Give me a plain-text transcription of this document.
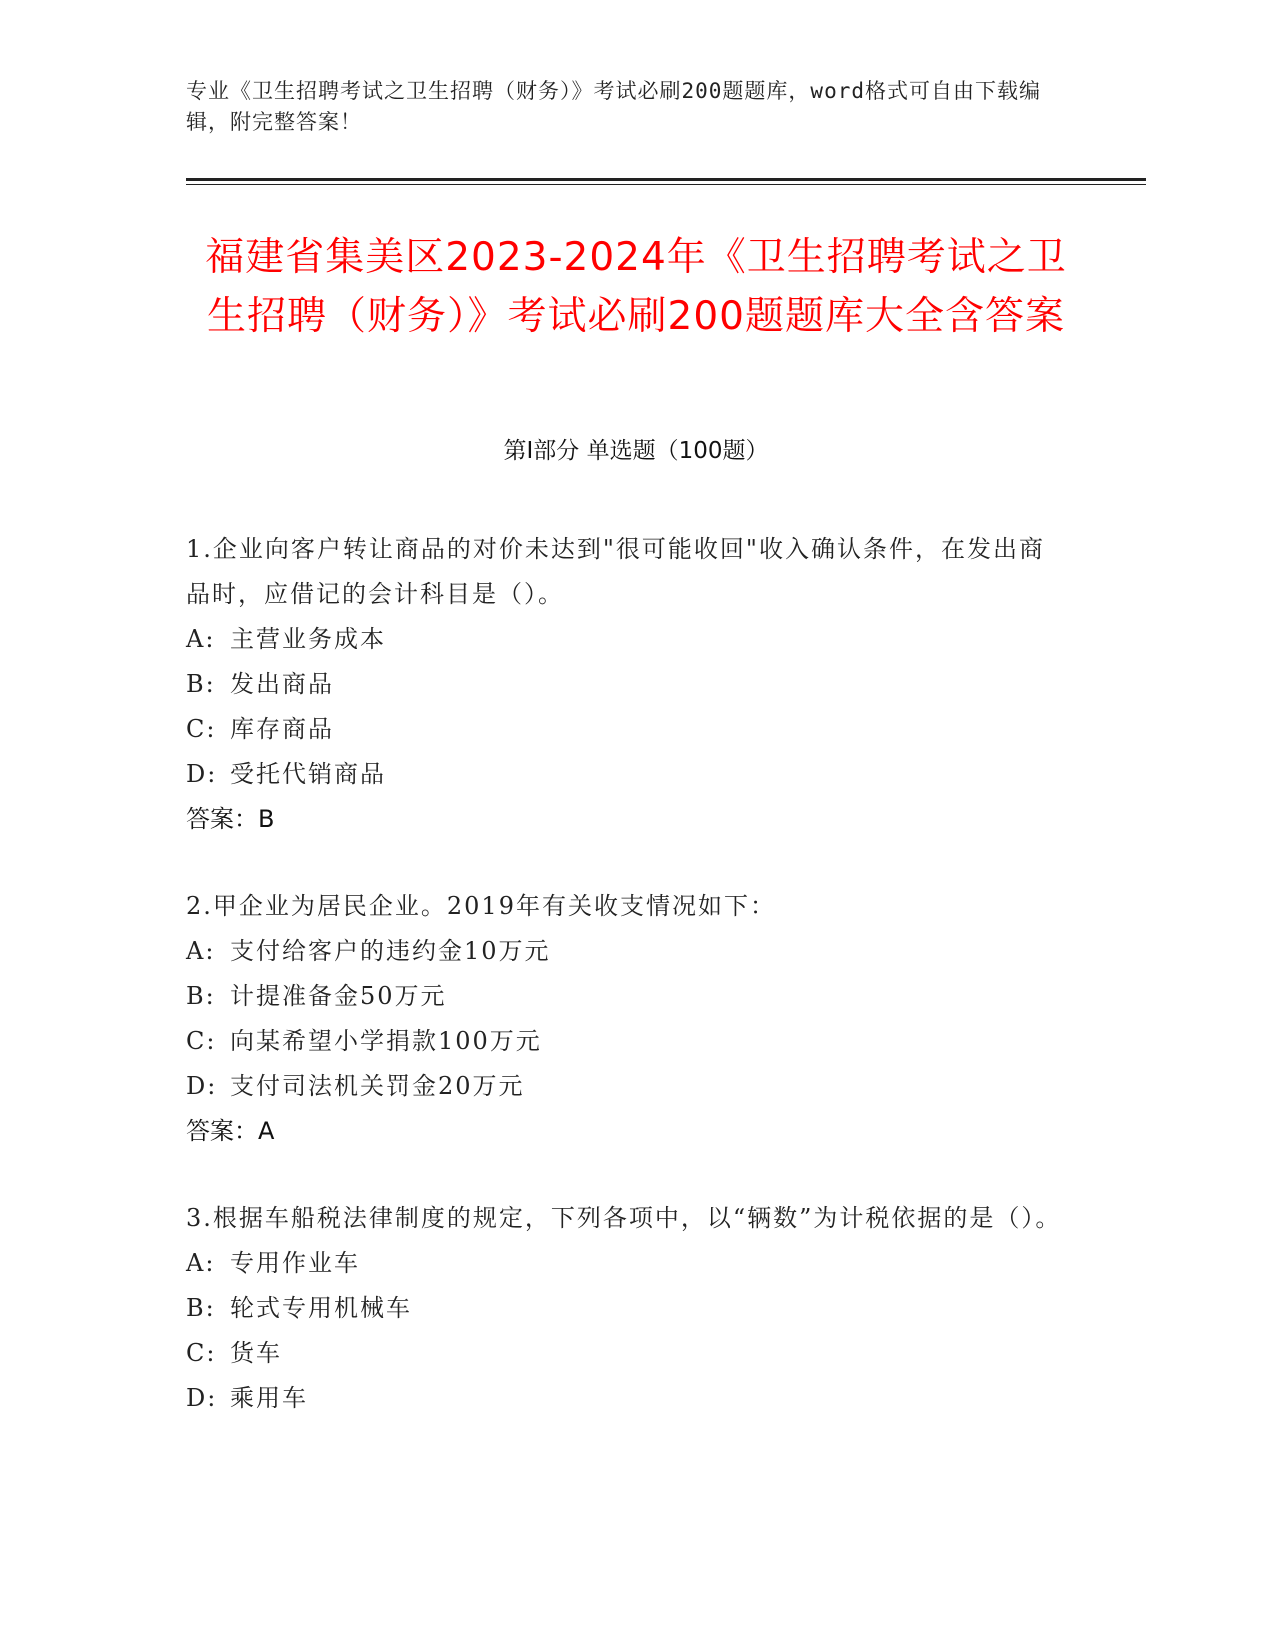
专业《卫生招聘考试之卫生招聘（财务）》考试必刷200题题库，word格式可自由下载编辑，附完整答案！
福建省集美区2023-2024年《卫生招聘考试之卫生招聘（财务）》考试必刷200题题库大全含答案
第I部分 单选题（100题）
1.企业向客户转让商品的对价未达到"很可能收回"收入确认条件，在发出商品时，应借记的会计科目是（）。
A: 主营业务成本
B: 发出商品
C: 库存商品
D: 受托代销商品
答案：B
2.甲企业为居民企业。2019年有关收支情况如下：
A: 支付给客户的违约金10万元
B: 计提准备金50万元
C: 向某希望小学捐款100万元
D: 支付司法机关罚金20万元
答案：A
3.根据车船税法律制度的规定，下列各项中，以“辆数”为计税依据的是（）。
A: 专用作业车
B: 轮式专用机械车
C: 货车
D: 乘用车
